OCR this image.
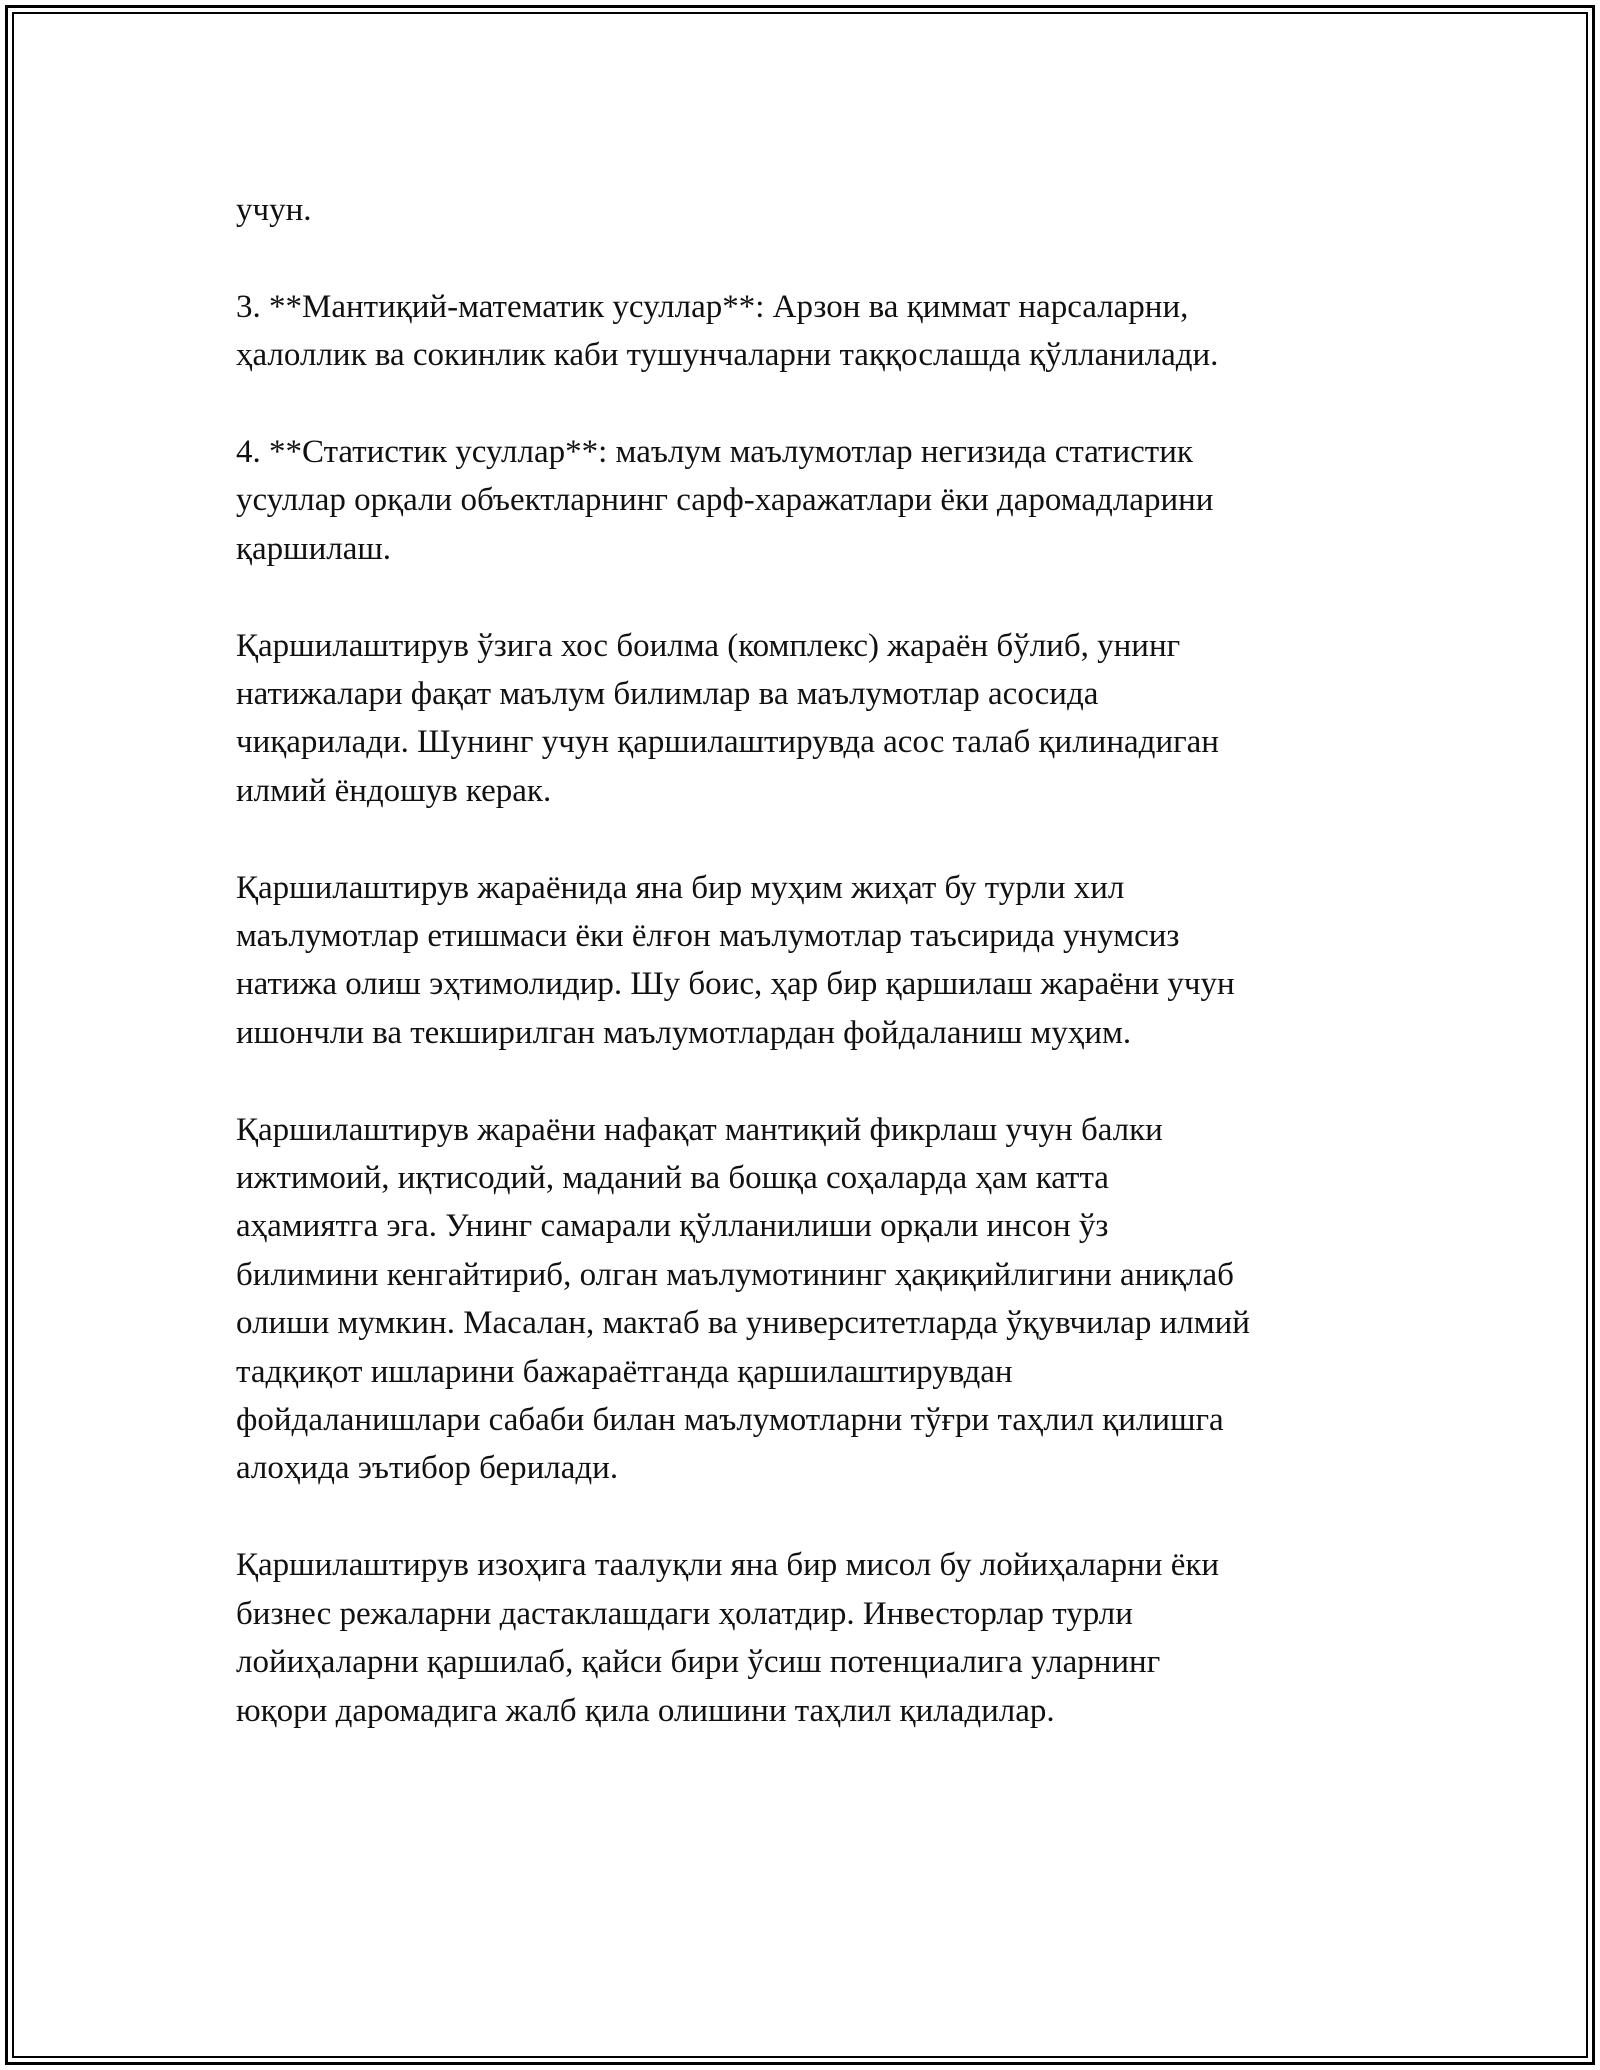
учун.

3. **Мантиқий-математик усуллар**: Арзон ва қиммат нарсаларни,
ҳалоллик ва сокинлик каби тушунчаларни таққослашда қўлланилади.

4. **Статистик усуллар**: маълум маълумотлар негизида статистик
усуллар орқали объектларнинг сарф-харажатлари ёки даромадларини
қаршилаш.

Қаршилаштирув ўзига хос боилма (комплекс) жараён бўлиб, унинг
натижалари фақат маълум билимлар ва маълумотлар асосида
чиқарилади. Шунинг учун қаршилаштирувда асос талаб қилинадиган
илмий ёндошув керак.

Қаршилаштирув жараёнида яна бир муҳим жиҳат бу турли хил
маълумотлар етишмаси ёки ёлғон маълумотлар таъсирида унумсиз
натижа олиш эҳтимолидир. Шу боис, ҳар бир қаршилаш жараёни учун
ишончли ва текширилган маълумотлардан фойдаланиш муҳим.

Қаршилаштирув жараёни нафақат мантиқий фикрлаш учун балки
ижтимоий, иқтисодий, маданий ва бошқа соҳаларда ҳам катта
аҳамиятга эга. Унинг самарали қўлланилиши орқали инсон ўз
билимини кенгайтириб, олган маълумотининг ҳақиқийлигини аниқлаб
олиши мумкин. Масалан, мактаб ва университетларда ўқувчилар илмий
тадқиқот ишларини бажараётганда қаршилаштирувдан
фойдаланишлари сабаби билан маълумотларни тўғри таҳлил қилишга
алоҳида эътибор берилади.

Қаршилаштирув изоҳига таалуқли яна бир мисол бу лойиҳаларни ёки
бизнес режаларни дастаклашдаги ҳолатдир. Инвесторлар турли
лойиҳаларни қаршилаб, қайси бири ўсиш потенциалига уларнинг
юқори даромадига жалб қила олишини таҳлил қиладилар.
